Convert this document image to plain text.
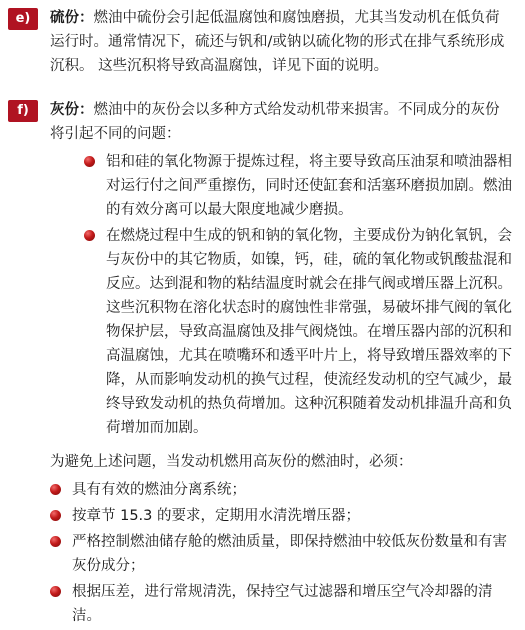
e)	硫份：燃油中硫份会引起低温腐蚀和腐蚀磨损，尤其当发动机在低负荷运行时。通常情况下，硫还与钒和/或钠以硫化物的形式在排气系统形成沉积。 这些沉积将导致高温腐蚀，详见下面的说明。

f)	灰份：燃油中的灰份会以多种方式给发动机带来损害。不同成分的灰份将引起不同的问题：

铝和硅的氧化物源于提炼过程，将主要导致高压油泵和喷油器相对运行付之间严重擦伤，同时还使缸套和活塞环磨损加剧。燃油的有效分离可以最大限度地减少磨损。
在燃烧过程中生成的钒和钠的氧化物，主要成份为钠化氧钒，会与灰份中的其它物质，如镍，钙，硅，硫的氧化物或钒酸盐混和反应。达到混和物的粘结温度时就会在排气阀或增压器上沉积。这些沉积物在溶化状态时的腐蚀性非常强，易破坏排气阀的氧化物保护层，导致高温腐蚀及排气阀烧蚀。在增压器内部的沉积和高温腐蚀，尤其在喷嘴环和透平叶片上，将导致增压器效率的下降，从而影响发动机的换气过程，使流经发动机的空气减少，最终导致发动机的热负荷增加。这种沉积随着发动机排温升高和负荷增加而加剧。

为避免上述问题，当发动机燃用高灰份的燃油时，必须：

具有有效的燃油分离系统；
按章节 15.3 的要求，定期用水清洗增压器；
严格控制燃油储存舱的燃油质量，即保持燃油中较低灰份数量和有害灰份成分；
根据压差，进行常规清洗，保持空气过滤器和增压空气冷却器的清洁。
